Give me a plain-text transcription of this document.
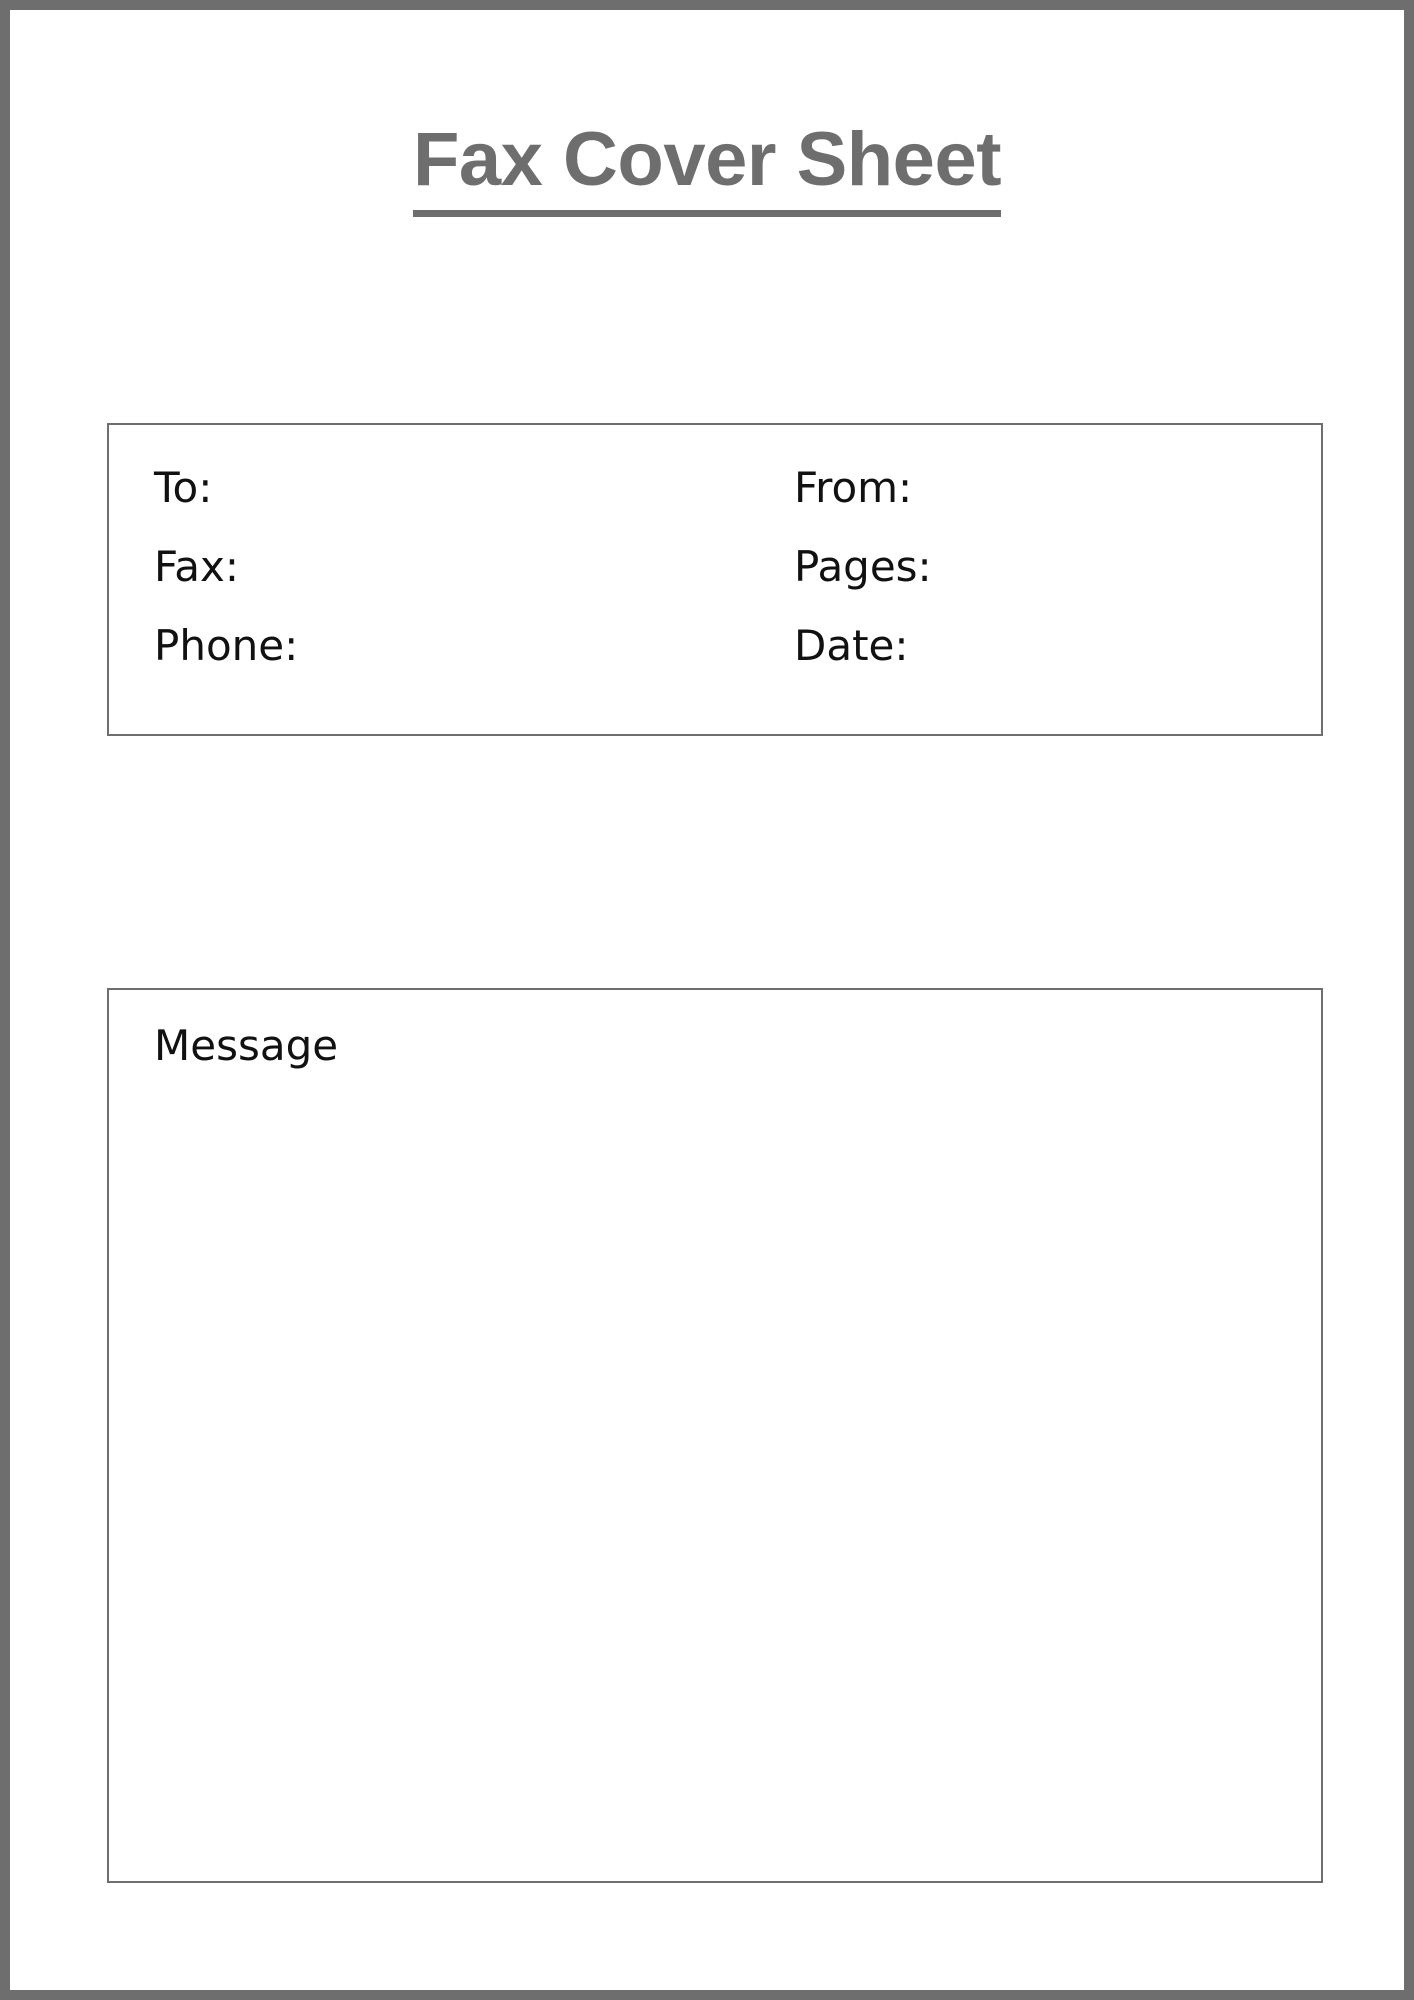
Fax Cover Sheet
To:	From:
Fax:	Pages:
Phone:	Date:
Message
